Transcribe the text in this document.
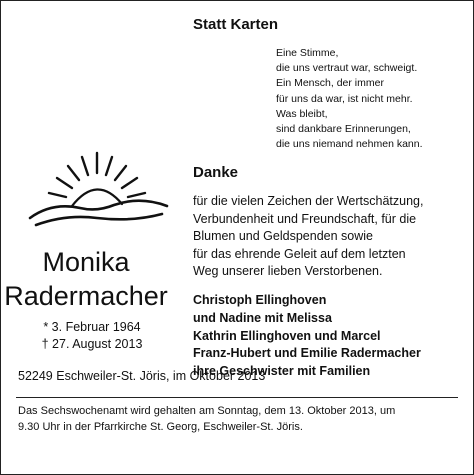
Statt Karten
Eine Stimme,
die uns vertraut war, schweigt.
Ein Mensch, der immer
für uns da war, ist nicht mehr.
Was bleibt,
sind dankbare Erinnerungen,
die uns niemand nehmen kann.
Monika
Radermacher
* 3. Februar 1964
† 27. August 2013
Danke
für die vielen Zeichen der Wertschätzung,
Verbundenheit und Freundschaft, für die
Blumen und Geldspenden sowie
für das ehrende Geleit auf dem letzten
Weg unserer lieben Verstorbenen.
Christoph Ellinghoven
und Nadine mit Melissa
Kathrin Ellinghoven und Marcel
Franz-Hubert und Emilie Radermacher
ihre Geschwister mit Familien
52249 Eschweiler-St. Jöris, im Oktober 2013
Das Sechswochenamt wird gehalten am Sonntag, dem 13. Oktober 2013, um
9.30 Uhr in der Pfarrkirche St. Georg, Eschweiler-St. Jöris.
